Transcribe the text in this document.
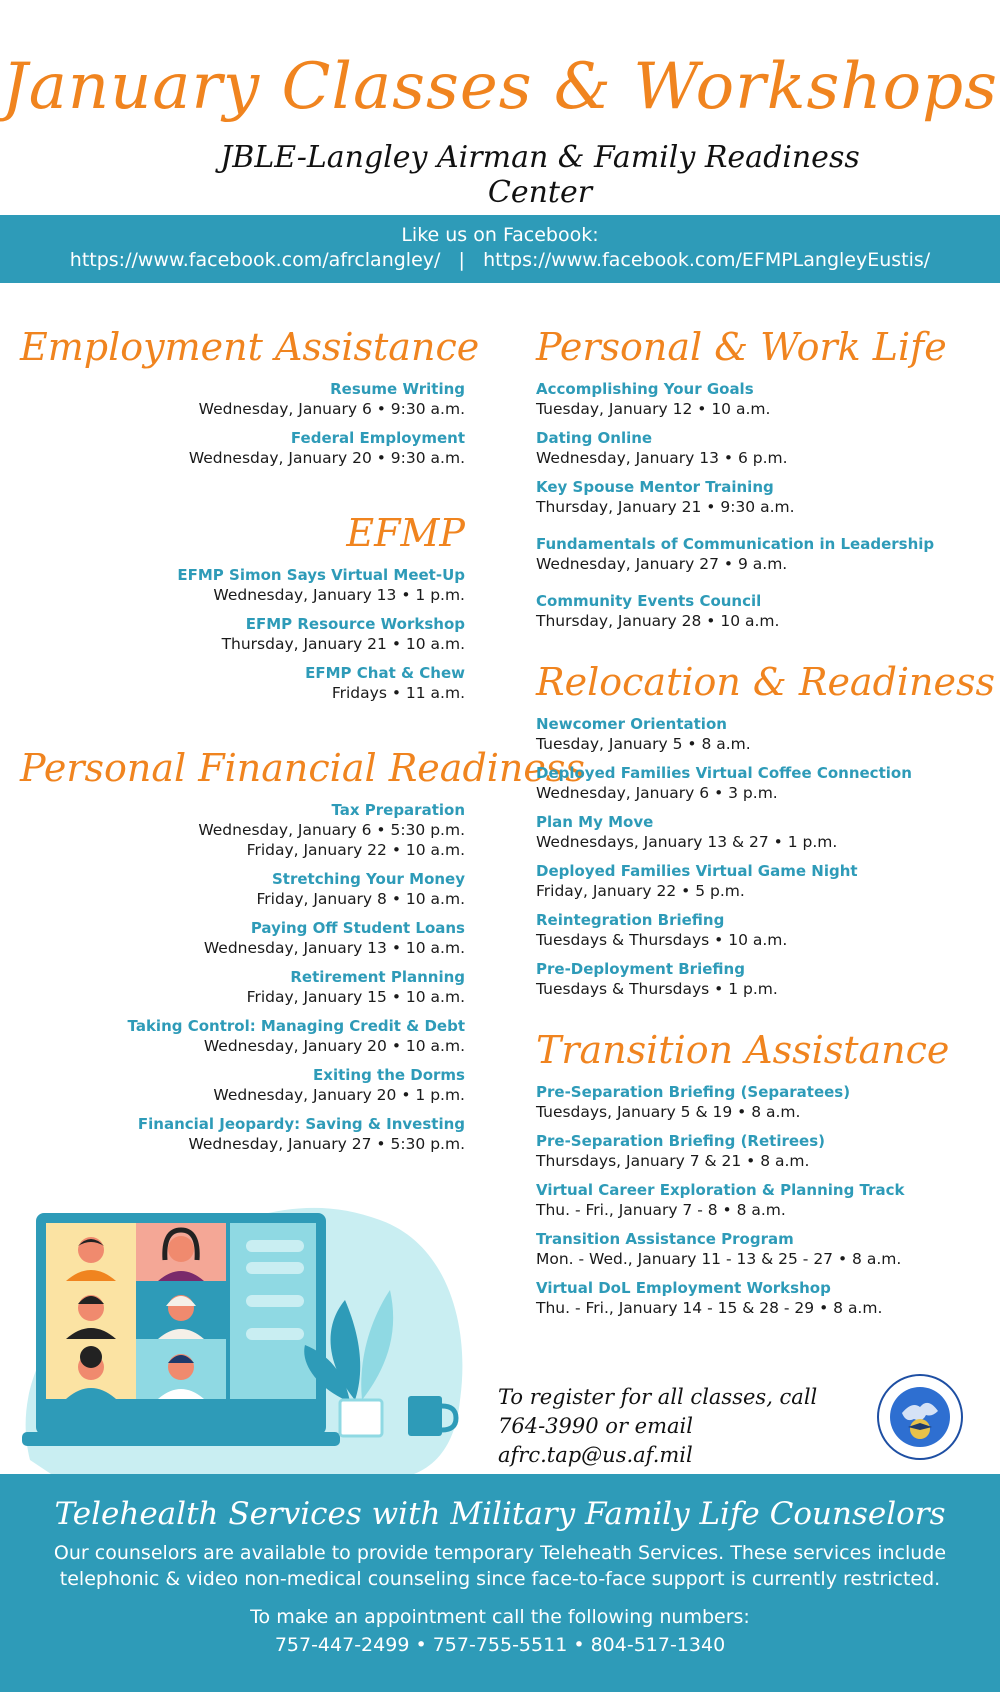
January Classes & Workshops
JBLE-Langley Airman & Family Readiness Center
Like us on Facebook:
https://www.facebook.com/afrclangley/ | https://www.facebook.com/EFMPLangleyEustis/
Employment Assistance
Resume Writing
Wednesday, January 6 • 9:30 a.m.
Federal Employment
Wednesday, January 20 • 9:30 a.m.
EFMP
EFMP Simon Says Virtual Meet-Up
Wednesday, January 13 • 1 p.m.
EFMP Resource Workshop
Thursday, January 21 • 10 a.m.
EFMP Chat & Chew
Fridays • 11 a.m.
Personal Financial Readiness
Tax Preparation
Wednesday, January 6 • 5:30 p.m.
Friday, January 22 • 10 a.m.
Stretching Your Money
Friday, January 8 • 10 a.m.
Paying Off Student Loans
Wednesday, January 13 • 10 a.m.
Retirement Planning
Friday, January 15 • 10 a.m.
Taking Control: Managing Credit & Debt
Wednesday, January 20 • 10 a.m.
Exiting the Dorms
Wednesday, January 20 • 1 p.m.
Financial Jeopardy: Saving & Investing
Wednesday, January 27 • 5:30 p.m.
Personal & Work Life
Accomplishing Your Goals
Tuesday, January 12 • 10 a.m.
Dating Online
Wednesday, January 13 • 6 p.m.
Key Spouse Mentor Training
Thursday, January 21 • 9:30 a.m.
Fundamentals of Communication in Leadership
Wednesday, January 27 • 9 a.m.
Community Events Council
Thursday, January 28 • 10 a.m.
Relocation & Readiness
Newcomer Orientation
Tuesday, January 5 • 8 a.m.
Deployed Families Virtual Coffee Connection
Wednesday, January 6 • 3 p.m.
Plan My Move
Wednesdays, January 13 & 27 • 1 p.m.
Deployed Families Virtual Game Night
Friday, January 22 • 5 p.m.
Reintegration Briefing
Tuesdays & Thursdays • 10 a.m.
Pre-Deployment Briefing
Tuesdays & Thursdays • 1 p.m.
Transition Assistance
Pre-Separation Briefing (Separatees)
Tuesdays, January 5 & 19 • 8 a.m.
Pre-Separation Briefing (Retirees)
Thursdays, January 7 & 21 • 8 a.m.
Virtual Career Exploration & Planning Track
Thu. - Fri., January 7 - 8 • 8 a.m.
Transition Assistance Program
Mon. - Wed., January 11 - 13 & 25 - 27 • 8 a.m.
Virtual DoL Employment Workshop
Thu. - Fri., January 14 - 15 & 28 - 29 • 8 a.m.
To register for all classes, call
764-3990 or email afrc.tap@us.af.mil
Telehealth Services with Military Family Life Counselors
Our counselors are available to provide temporary Teleheath Services. These services include
telephonic & video non-medical counseling since face-to-face support is currently restricted.
To make an appointment call the following numbers:
757-447-2499 • 757-755-5511 • 804-517-1340
